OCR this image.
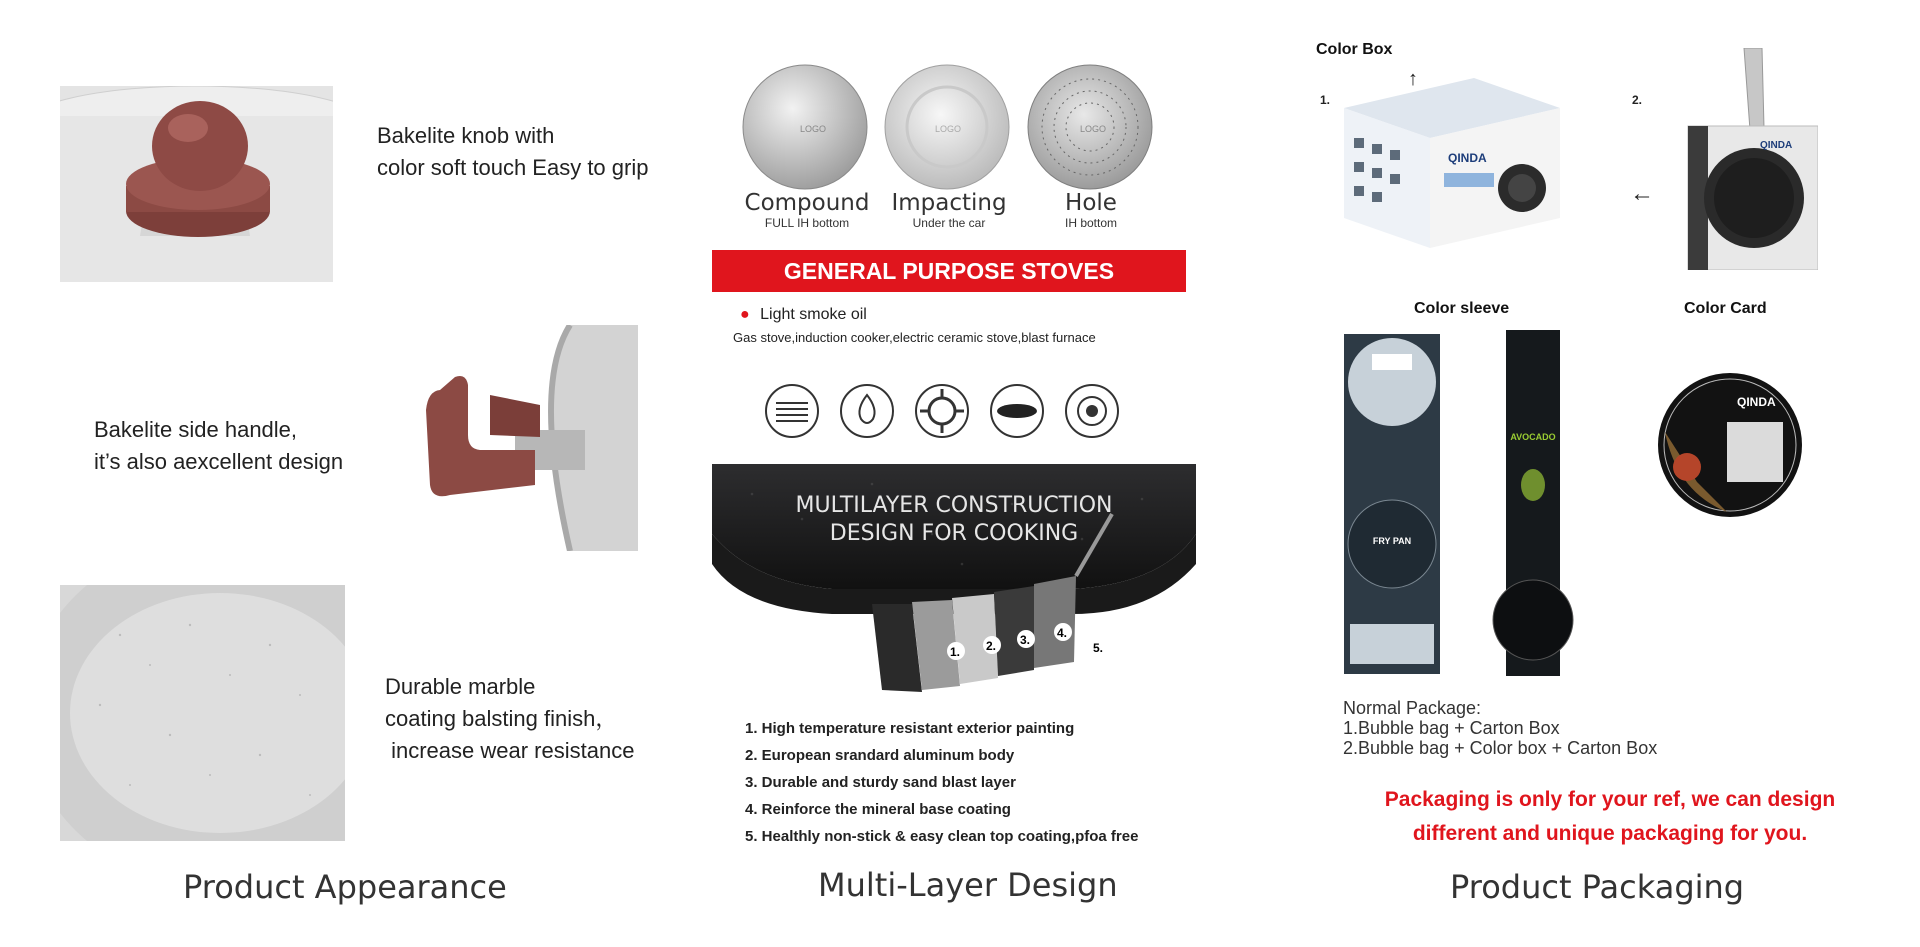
Bakelite knob with
color soft touch Easy to grip
Bakelite side handle,
it’s also aexcellent design
Durable marble
coating balsting finish，
increase wear resistance
Product Appearance
LOGO	LOGO	LOGO
Compound
FULL IH bottom
Impacting
Under the car
Hole
IH bottom
GENERAL PURPOSE STOVES
● Light smoke oil
Gas stove,induction cooker,electric ceramic stove,blast furnace
MULTILAYER CONSTRUCTION
DESIGN FOR COOKING
1. 2. 3. 4.
5.
1. High temperature resistant exterior painting
2. European srandard aluminum body
3. Durable and sturdy sand blast layer
4. Reinforce the mineral base coating
5. Healthly non-stick & easy clean top coating,pfoa free
Multi-Layer Design
Color Box
↑
1.
QINDA
2.
←
QINDA
Color sleeve	Color Card
FRY PAN
AVOCADO
QINDA
Normal Package:
1.Bubble bag + Carton Box
2.Bubble bag + Color box + Carton Box
Packaging is only for your ref, we can design
different and unique packaging for you.
Product Packaging
